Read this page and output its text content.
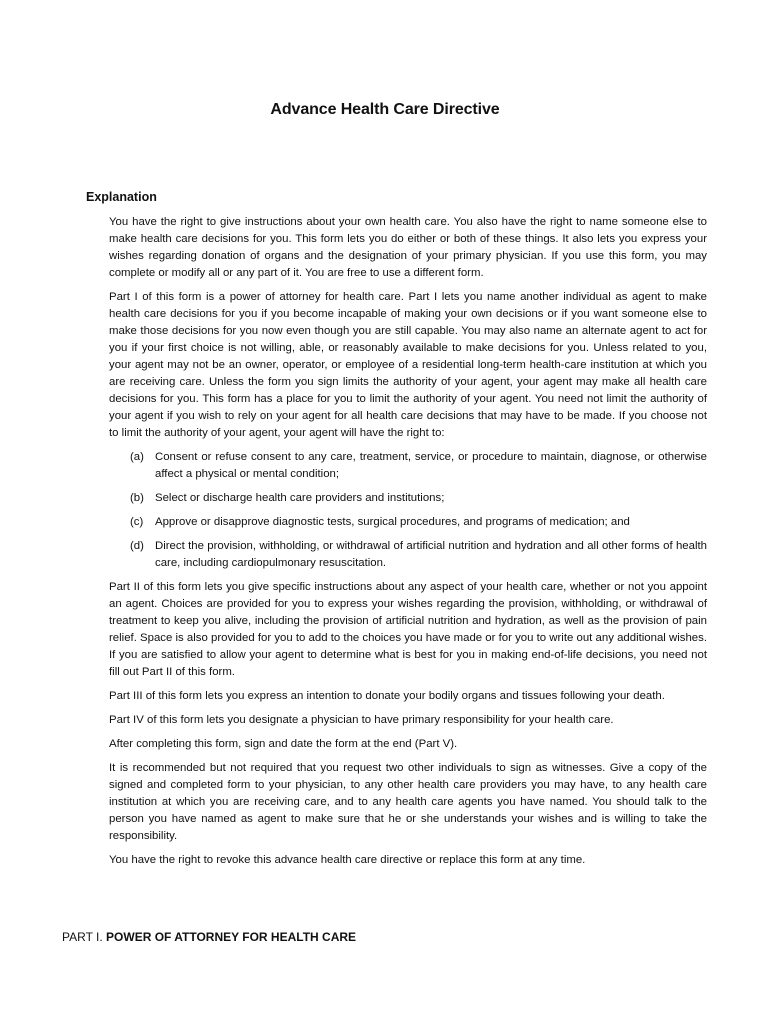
Advance Health Care Directive
Explanation

You have the right to give instructions about your own health care. You also have the right to name someone else to make health care decisions for you. This form lets you do either or both of these things. It also lets you express your wishes regarding donation of organs and the designation of your primary physician. If you use this form, you may complete or modify all or any part of it. You are free to use a different form.

Part I of this form is a power of attorney for health care. Part I lets you name another individual as agent to make health care decisions for you if you become incapable of making your own decisions or if you want someone else to make those decisions for you now even though you are still capable. You may also name an alternate agent to act for you if your first choice is not willing, able, or reasonably available to make decisions for you. Unless related to you, your agent may not be an owner, operator, or employee of a residential long-term health-care institution at which you are receiving care. Unless the form you sign limits the authority of your agent, your agent may make all health care decisions for you. This form has a place for you to limit the authority of your agent. You need not limit the authority of your agent if you wish to rely on your agent for all health care decisions that may have to be made. If you choose not to limit the authority of your agent, your agent will have the right to:

(a) Consent or refuse consent to any care, treatment, service, or procedure to maintain, diagnose, or otherwise affect a physical or mental condition;
(b) Select or discharge health care providers and institutions;
(c) Approve or disapprove diagnostic tests, surgical procedures, and programs of medication; and
(d) Direct the provision, withholding, or withdrawal of artificial nutrition and hydration and all other forms of health care, including cardiopulmonary resuscitation.

Part II of this form lets you give specific instructions about any aspect of your health care, whether or not you appoint an agent. Choices are provided for you to express your wishes regarding the provision, withholding, or withdrawal of treatment to keep you alive, including the provision of artificial nutrition and hydration, as well as the provision of pain relief. Space is also provided for you to add to the choices you have made or for you to write out any additional wishes. If you are satisfied to allow your agent to determine what is best for you in making end-of-life decisions, you need not fill out Part II of this form.

Part III of this form lets you express an intention to donate your bodily organs and tissues following your death.

Part IV of this form lets you designate a physician to have primary responsibility for your health care.

After completing this form, sign and date the form at the end (Part V).

It is recommended but not required that you request two other individuals to sign as witnesses. Give a copy of the signed and completed form to your physician, to any other health care providers you may have, to any health care institution at which you are receiving care, and to any health care agents you have named. You should talk to the person you have named as agent to make sure that he or she understands your wishes and is willing to take the responsibility.

You have the right to revoke this advance health care directive or replace this form at any time.

PART I. POWER OF ATTORNEY FOR HEALTH CARE
